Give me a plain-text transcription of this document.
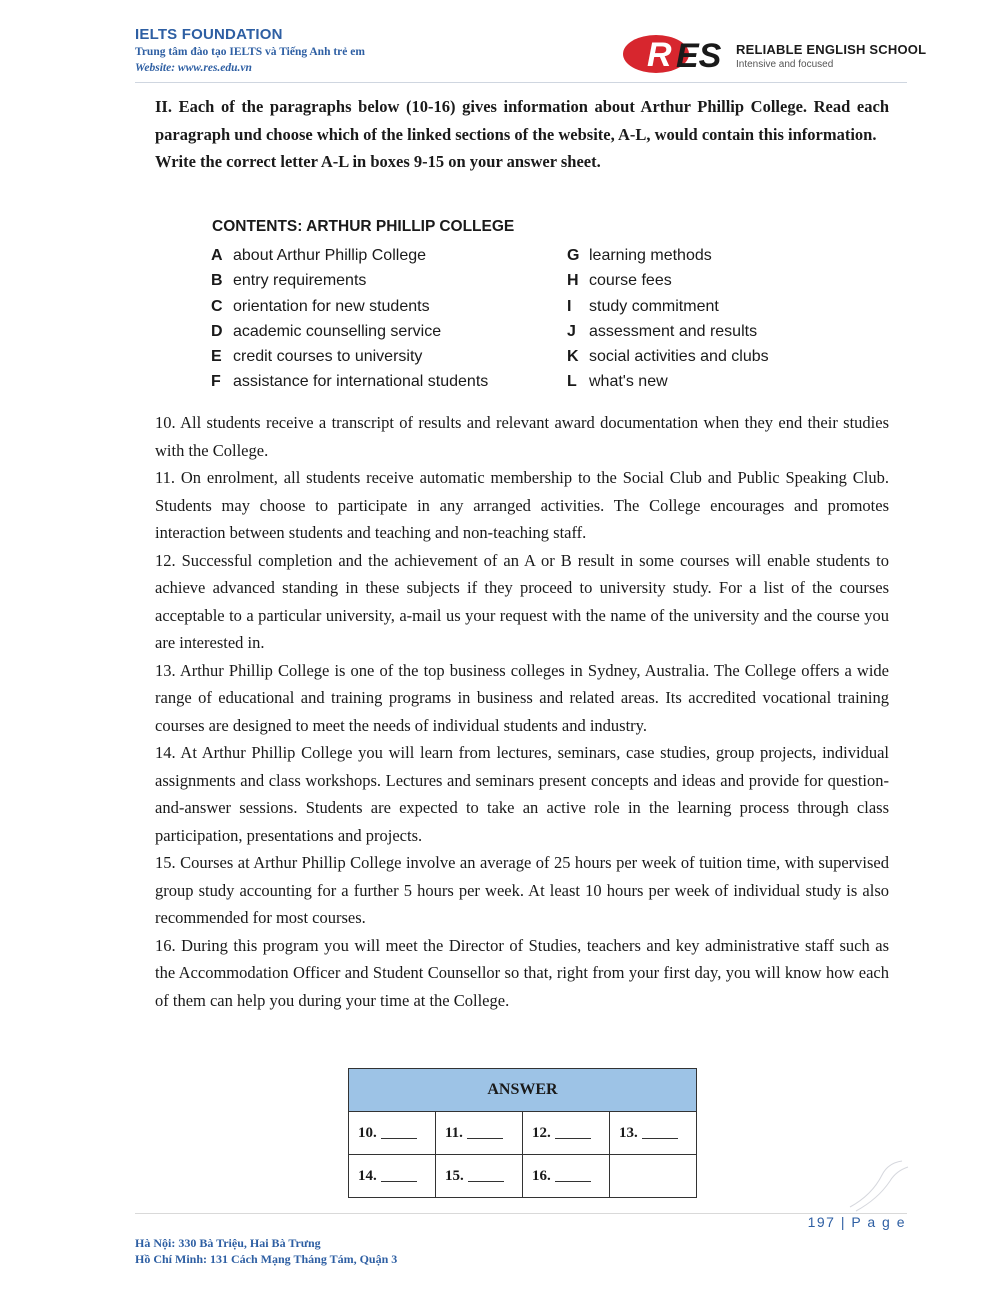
IELTS FOUNDATION
Trung tâm đào tạo IELTS và Tiếng Anh trẻ em
Website: www.res.edu.vn	R ES RELIABLE ENGLISH SCHOOL
Intensive and focused

II. Each of the paragraphs below (10-16) gives information about Arthur Phillip College. Read each paragraph und choose which of the linked sections of the website, A-L, would contain this information.

Write the correct letter A-L in boxes 9-15 on your answer sheet.

CONTENTS: ARTHUR PHILLIP COLLEGE
A about Arthur Phillip College
B entry requirements
C orientation for new students
D academic counselling service
E credit courses to university
F assistance for international students
G learning methods
H course fees
I study commitment
J assessment and results
K social activities and clubs
L what's new

10. All students receive a transcript of results and relevant award documentation when they end their studies with the College.

11. On enrolment, all students receive automatic membership to the Social Club and Public Speaking Club. Students may choose to participate in any arranged activities. The College encourages and promotes interaction between students and teaching and non-teaching staff.

12. Successful completion and the achievement of an A or B result in some courses will enable students to achieve advanced standing in these subjects if they proceed to university study. For a list of the courses acceptable to a particular university, a-mail us your request with the name of the university and the course you are interested in.

13. Arthur Phillip College is one of the top business colleges in Sydney, Australia. The College offers a wide range of educational and training programs in business and related areas. Its accredited vocational training courses are designed to meet the needs of individual students and industry.

14. At Arthur Phillip College you will learn from lectures, seminars, case studies, group projects, individual assignments and class workshops. Lectures and seminars present concepts and ideas and provide for question-and-answer sessions. Students are expected to take an active role in the learning process through class participation, presentations and projects.

15. Courses at Arthur Phillip College involve an average of 25 hours per week of tuition time, with supervised group study accounting for a further 5 hours per week. At least 10 hours per week of individual study is also recommended for most courses.

16. During this program you will meet the Director of Studies, teachers and key administrative staff such as the Accommodation Officer and Student Counsellor so that, right from your first day, you will know how each of them can help you during your time at the College.

ANSWER			
10.	11.	12.	13.
14.	15.	16.	
197 | P a g e
Hà Nội: 330 Bà Triệu, Hai Bà Trưng
Hồ Chí Minh: 131 Cách Mạng Tháng Tám, Quận 3
